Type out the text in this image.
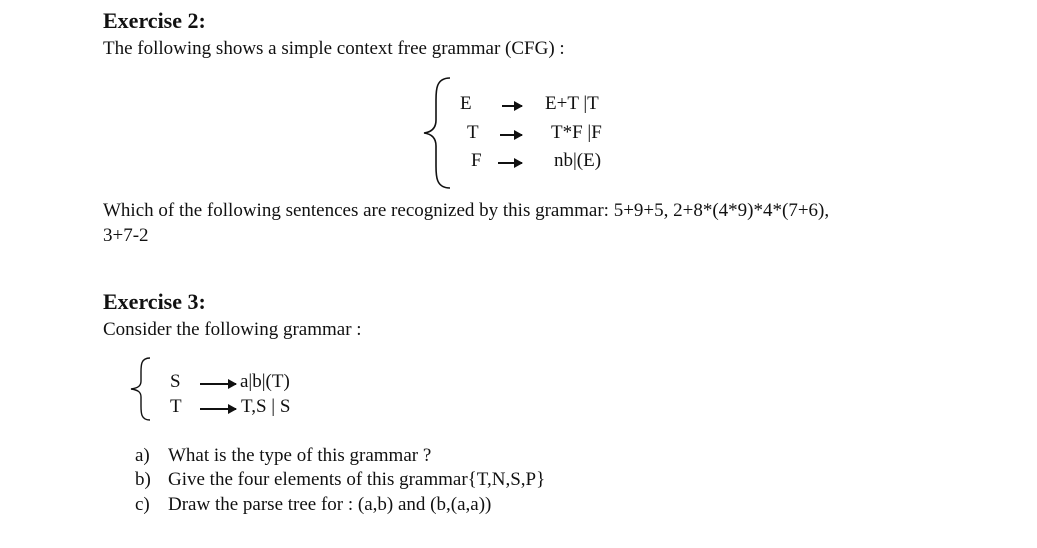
Exercise 2:
The following shows a simple context free grammar (CFG) :
E	E+T |T
T	T*F |F
F	nb|(E)
Which of the following sentences are recognized by this grammar: 5+9+5, 2+8*(4*9)*4*(7+6),
3+7-2
Exercise 3:
Consider the following grammar :
S	a|b|(T)
T	T,S | S
a) What is the type of this grammar ?
b) Give the four elements of this grammar{T,N,S,P}
c) Draw the parse tree for : (a,b) and (b,(a,a))
